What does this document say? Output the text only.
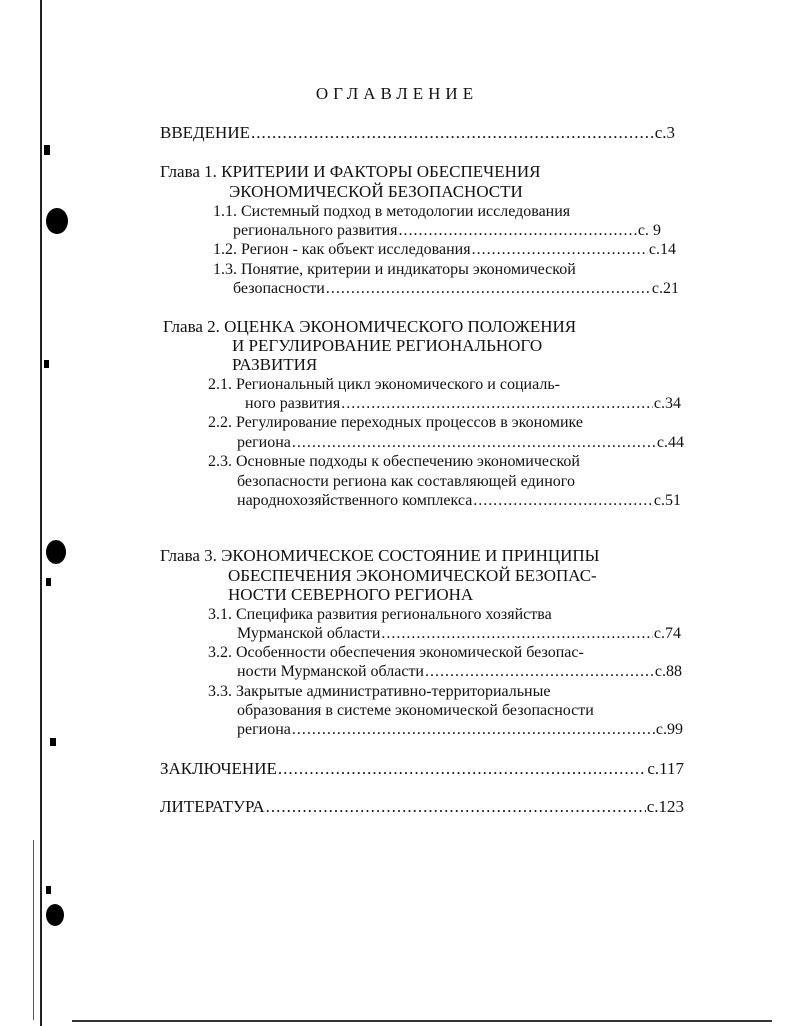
ОГЛАВЛЕНИЕ
ВВЕДЕНИЕ .....	с.3
Глава 1. КРИТЕРИИ И ФАКТОРЫ ОБЕСПЕЧЕНИЯ
ЭКОНОМИЧЕСКОЙ БЕЗОПАСНОСТИ
1.1. Системный подход в методологии исследования
регионального развития .....	с. 9
1.2. Регион - как объект исследования .....	с.14
1.3. Понятие, критерии и индикаторы экономической
безопасности .....	с.21
Глава 2. ОЦЕНКА ЭКОНОМИЧЕСКОГО ПОЛОЖЕНИЯ
И РЕГУЛИРОВАНИЕ РЕГИОНАЛЬНОГО
РАЗВИТИЯ
2.1. Региональный цикл экономического и социаль-
ного развития .....	с.34
2.2. Регулирование переходных процессов в экономике
региона .....	с.44
2.3. Основные подходы к обеспечению экономической
безопасности региона как составляющей единого
народнохозяйственного комплекса .....	с.51
Глава 3. ЭКОНОМИЧЕСКОЕ СОСТОЯНИЕ И ПРИНЦИПЫ
ОБЕСПЕЧЕНИЯ ЭКОНОМИЧЕСКОЙ БЕЗОПАС-
НОСТИ СЕВЕРНОГО РЕГИОНА
3.1. Специфика развития регионального хозяйства
Мурманской области .....	с.74
3.2. Особенности обеспечения экономической безопас-
ности Мурманской области .....	с.88
3.3. Закрытые административно-территориальные
образования в системе экономической безопасности
региона .....	с.99
ЗАКЛЮЧЕНИЕ .....	с.117
ЛИТЕРАТУРА .....	с.123
